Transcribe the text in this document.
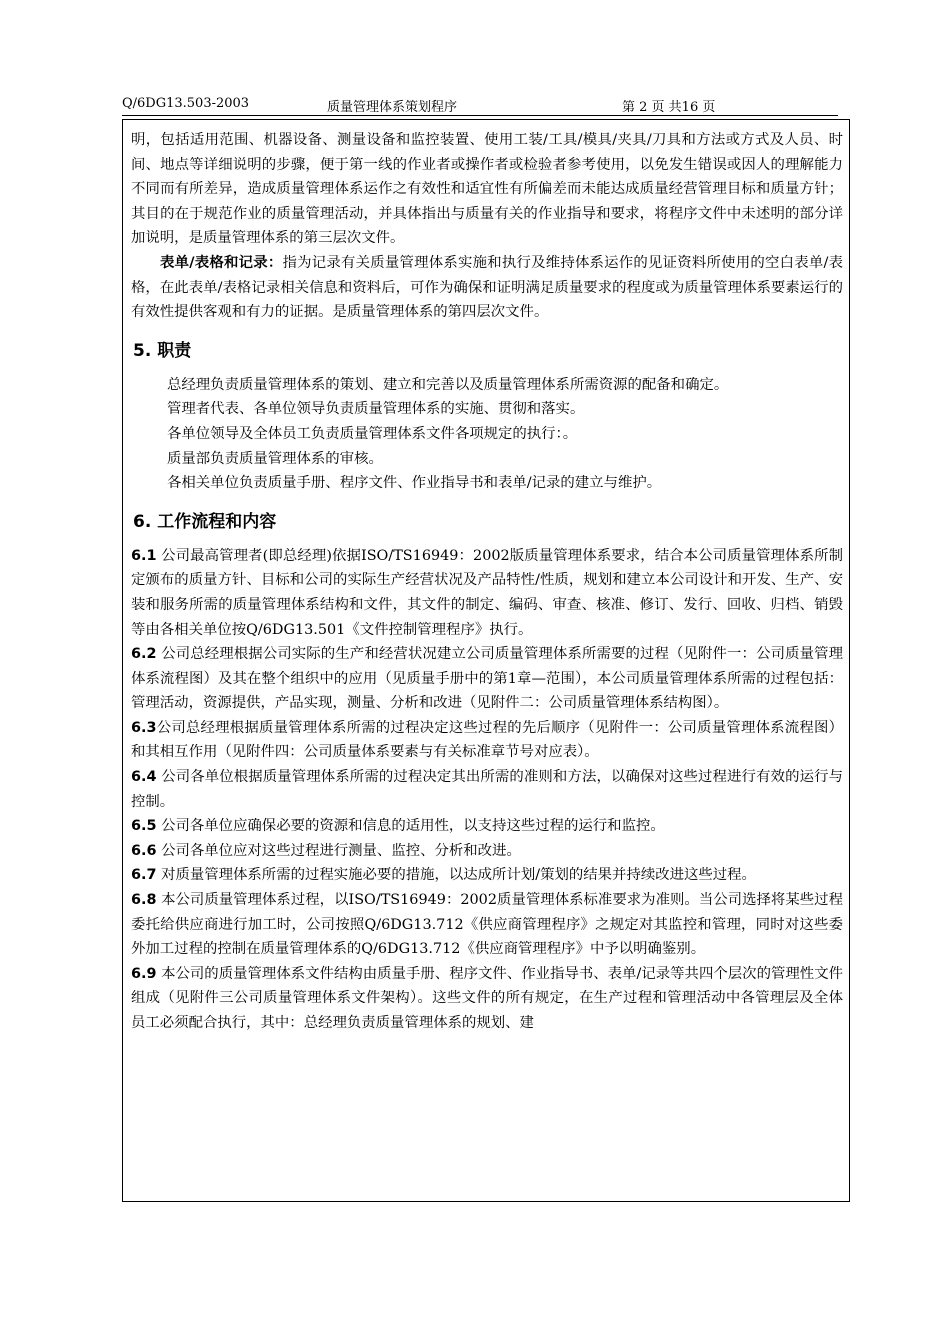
Q/6DG13.503-2003	质量管理体系策划程序	第 2 页 共16 页

明，包括适用范围、机器设备、测量设备和监控装置、使用工装/工具/模具/夹具/刀具和方法或方式及人员、时间、地点等详细说明的步骤，便于第一线的作业者或操作者或检验者参考使用，以免发生错误或因人的理解能力不同而有所差异，造成质量管理体系运作之有效性和适宜性有所偏差而未能达成质量经营管理目标和质量方针；其目的在于规范作业的质量管理活动，并具体指出与质量有关的作业指导和要求，将程序文件中未述明的部分详加说明，是质量管理体系的第三层次文件。

表单/表格和记录：指为记录有关质量管理体系实施和执行及维持体系运作的见证资料所使用的空白表单/表格，在此表单/表格记录相关信息和资料后，可作为确保和证明满足质量要求的程度或为质量管理体系要素运行的有效性提供客观和有力的证据。是质量管理体系的第四层次文件。

5. 职责
总经理负责质量管理体系的策划、建立和完善以及质量管理体系所需资源的配备和确定。
管理者代表、各单位领导负责质量管理体系的实施、贯彻和落实。
各单位领导及全体员工负责质量管理体系文件各项规定的执行：。
质量部负责质量管理体系的审核。
各相关单位负责质量手册、程序文件、作业指导书和表单/记录的建立与维护。
6. 工作流程和内容

6.1 公司最高管理者(即总经理)依据ISO/TS16949：2002版质量管理体系要求，结合本公司质量管理体系所制定颁布的质量方针、目标和公司的实际生产经营状况及产品特性/性质，规划和建立本公司设计和开发、生产、安装和服务所需的质量管理体系结构和文件，其文件的制定、编码、审查、核准、修订、发行、回收、归档、销毁等由各相关单位按Q/6DG13.501《文件控制管理程序》执行。

6.2 公司总经理根据公司实际的生产和经营状况建立公司质量管理体系所需要的过程（见附件一：公司质量管理体系流程图）及其在整个组织中的应用（见质量手册中的第1章—范围），本公司质量管理体系所需的过程包括：管理活动，资源提供，产品实现，测量、分析和改进（见附件二：公司质量管理体系结构图）。

6.3公司总经理根据质量管理体系所需的过程决定这些过程的先后顺序（见附件一：公司质量管理体系流程图）和其相互作用（见附件四：公司质量体系要素与有关标准章节号对应表）。

6.4 公司各单位根据质量管理体系所需的过程决定其出所需的准则和方法，以确保对这些过程进行有效的运行与控制。

6.5 公司各单位应确保必要的资源和信息的适用性，以支持这些过程的运行和监控。

6.6 公司各单位应对这些过程进行测量、监控、分析和改进。

6.7 对质量管理体系所需的过程实施必要的措施，以达成所计划/策划的结果并持续改进这些过程。

6.8 本公司质量管理体系过程，以ISO/TS16949：2002质量管理体系标准要求为准则。当公司选择将某些过程委托给供应商进行加工时，公司按照Q/6DG13.712《供应商管理程序》之规定对其监控和管理，同时对这些委外加工过程的控制在质量管理体系的Q/6DG13.712《供应商管理程序》中予以明确鉴别。

6.9 本公司的质量管理体系文件结构由质量手册、程序文件、作业指导书、表单/记录等共四个层次的管理性文件组成（见附件三公司质量管理体系文件架构）。这些文件的所有规定，在生产过程和管理活动中各管理层及全体员工必须配合执行，其中：总经理负责质量管理体系的规划、建
